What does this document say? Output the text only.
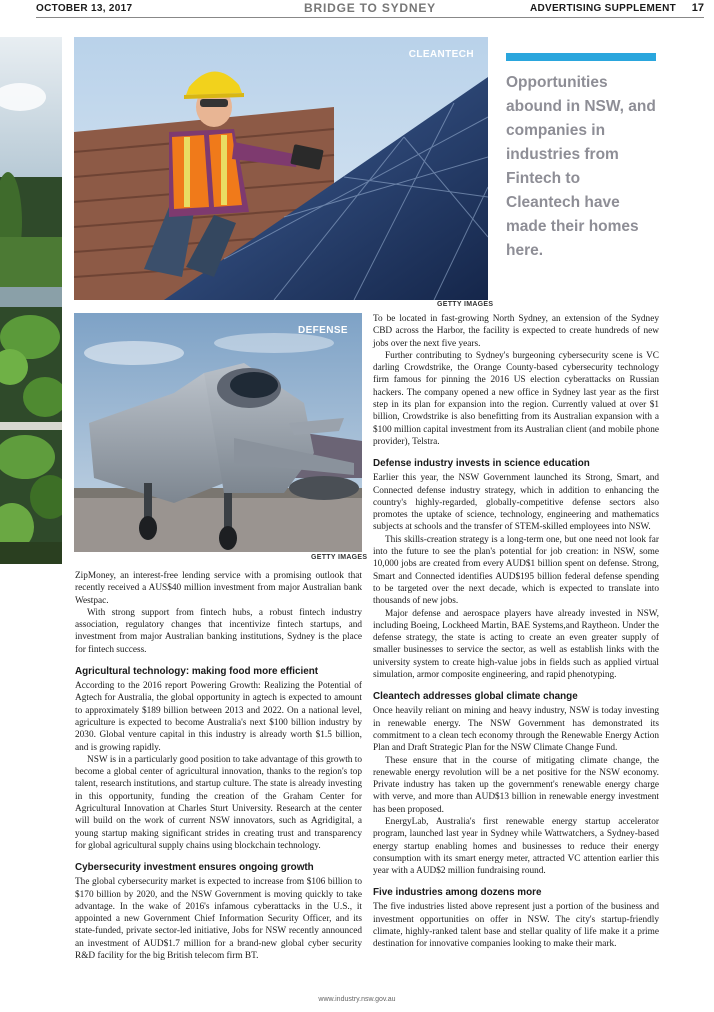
OCTOBER 13, 2017	BRIDGE TO SYDNEY	ADVERTISING SUPPLEMENT 17
CLEANTECH
GETTY IMAGES
Opportunities abound in NSW, and companies in industries from Fintech to Cleantech have made their homes here.
DEFENSE
GETTY IMAGES

ZipMoney, an interest-free lending service with a promising outlook that recently received a AUS$40 million investment from major Australian bank Westpac.

With strong support from fintech hubs, a robust fintech industry association, regulatory changes that incentivize fintech startups, and investment from major Australian banking institutions, Sydney is the place for fintech success.

Agricultural technology: making food more efficient

According to the 2016 report Powering Growth: Realizing the Potential of Agtech for Australia, the global opportunity in agtech is expected to amount to approximately $189 billion between 2013 and 2022. On a national level, agriculture is expected to become Australia's next $100 billion industry by 2030. Global venture capital in this industry is already worth $1.5 billion, and is growing rapidly.

NSW is in a particularly good position to take advantage of this growth to become a global center of agricultural innovation, thanks to the region's top talent, research institutions, and startup culture. The state is already investing in this opportunity, funding the creation of the Graham Center for Agricultural Innovation at Charles Sturt University. Research at the center will build on the work of current NSW innovators, such as Agridigital, a young startup making significant strides in creating trust and transparency for global agricultural supply chains using blockchain technology.

Cybersecurity investment ensures ongoing growth

The global cybersecurity market is expected to increase from $106 billion to $170 billion by 2020, and the NSW Government is moving quickly to take advantage. In the wake of 2016's infamous cyberattacks in the U.S., it appointed a new Government Chief Information Security Officer, and its state-funded, private sector-led initiative, Jobs for NSW recently announced an investment of AUD$1.7 million for a brand-new global cyber security R&D facility for the big British telecom firm BT.

To be located in fast-growing North Sydney, an extension of the Sydney CBD across the Harbor, the facility is expected to create hundreds of new jobs over the next five years.

Further contributing to Sydney's burgeoning cybersecurity scene is VC darling Crowdstrike, the Orange County-based cybersecurity technology firm famous for pinning the 2016 US election cyberattacks on Russian hackers. The company opened a new office in Sydney last year as the first step in its plan for expansion into the region. Currently valued at over $1 billion, Crowdstrike is also benefitting from its Australian expansion with a $100 million capital investment from its Australian client (and mobile phone provider), Telstra.

Defense industry invests in science education

Earlier this year, the NSW Government launched its Strong, Smart, and Connected defense industry strategy, which in addition to enhancing the country's highly-regarded, globally-competitive defense sectors also promotes the uptake of science, technology, engineering and mathematics subjects at schools and the transfer of STEM-skilled employees into NSW.

This skills-creation strategy is a long-term one, but one need not look far into the future to see the plan's potential for job creation: in NSW, some 10,000 jobs are created from every AUD$1 billion spent on defense. Strong, Smart and Connected identifies AUD$195 billion federal defense spending to be targeted over the next decade, which is expected to translate into thousands of new jobs.

Major defense and aerospace players have already invested in NSW, including Boeing, Lockheed Martin, BAE Systems,and Raytheon. Under the defense strategy, the state is acting to create an even greater supply of smaller businesses to service the sector, as well as establish links with the university system to create high-value jobs in fields such as applied virtual simulation, armor composite engineering, and rapid phenotyping.

Cleantech addresses global climate change

Once heavily reliant on mining and heavy industry, NSW is today investing in renewable energy. The NSW Government has demonstrated its commitment to a clean tech economy through the Renewable Energy Action Plan and Draft Strategic Plan for the NSW Climate Change Fund.

These ensure that in the course of mitigating climate change, the renewable energy revolution will be a net positive for the NSW economy. Private industry has taken up the government's renewable energy charge with verve, and more than AUD$13 billion in renewable energy investment has been proposed.

EnergyLab, Australia's first renewable energy startup accelerator program, launched last year in Sydney while Wattwatchers, a Sydney-based energy startup enabling homes and businesses to reduce their energy consumption with its smart energy meter, attracted VC attention earlier this year with a AUD$2 million fundraising round.

Five industries among dozens more

The five industries listed above represent just a portion of the business and investment opportunities on offer in NSW. The city's startup-friendly climate, highly-ranked talent base and stellar quality of life make it a prime destination for innovative companies looking to make their mark.

www.industry.nsw.gov.au
